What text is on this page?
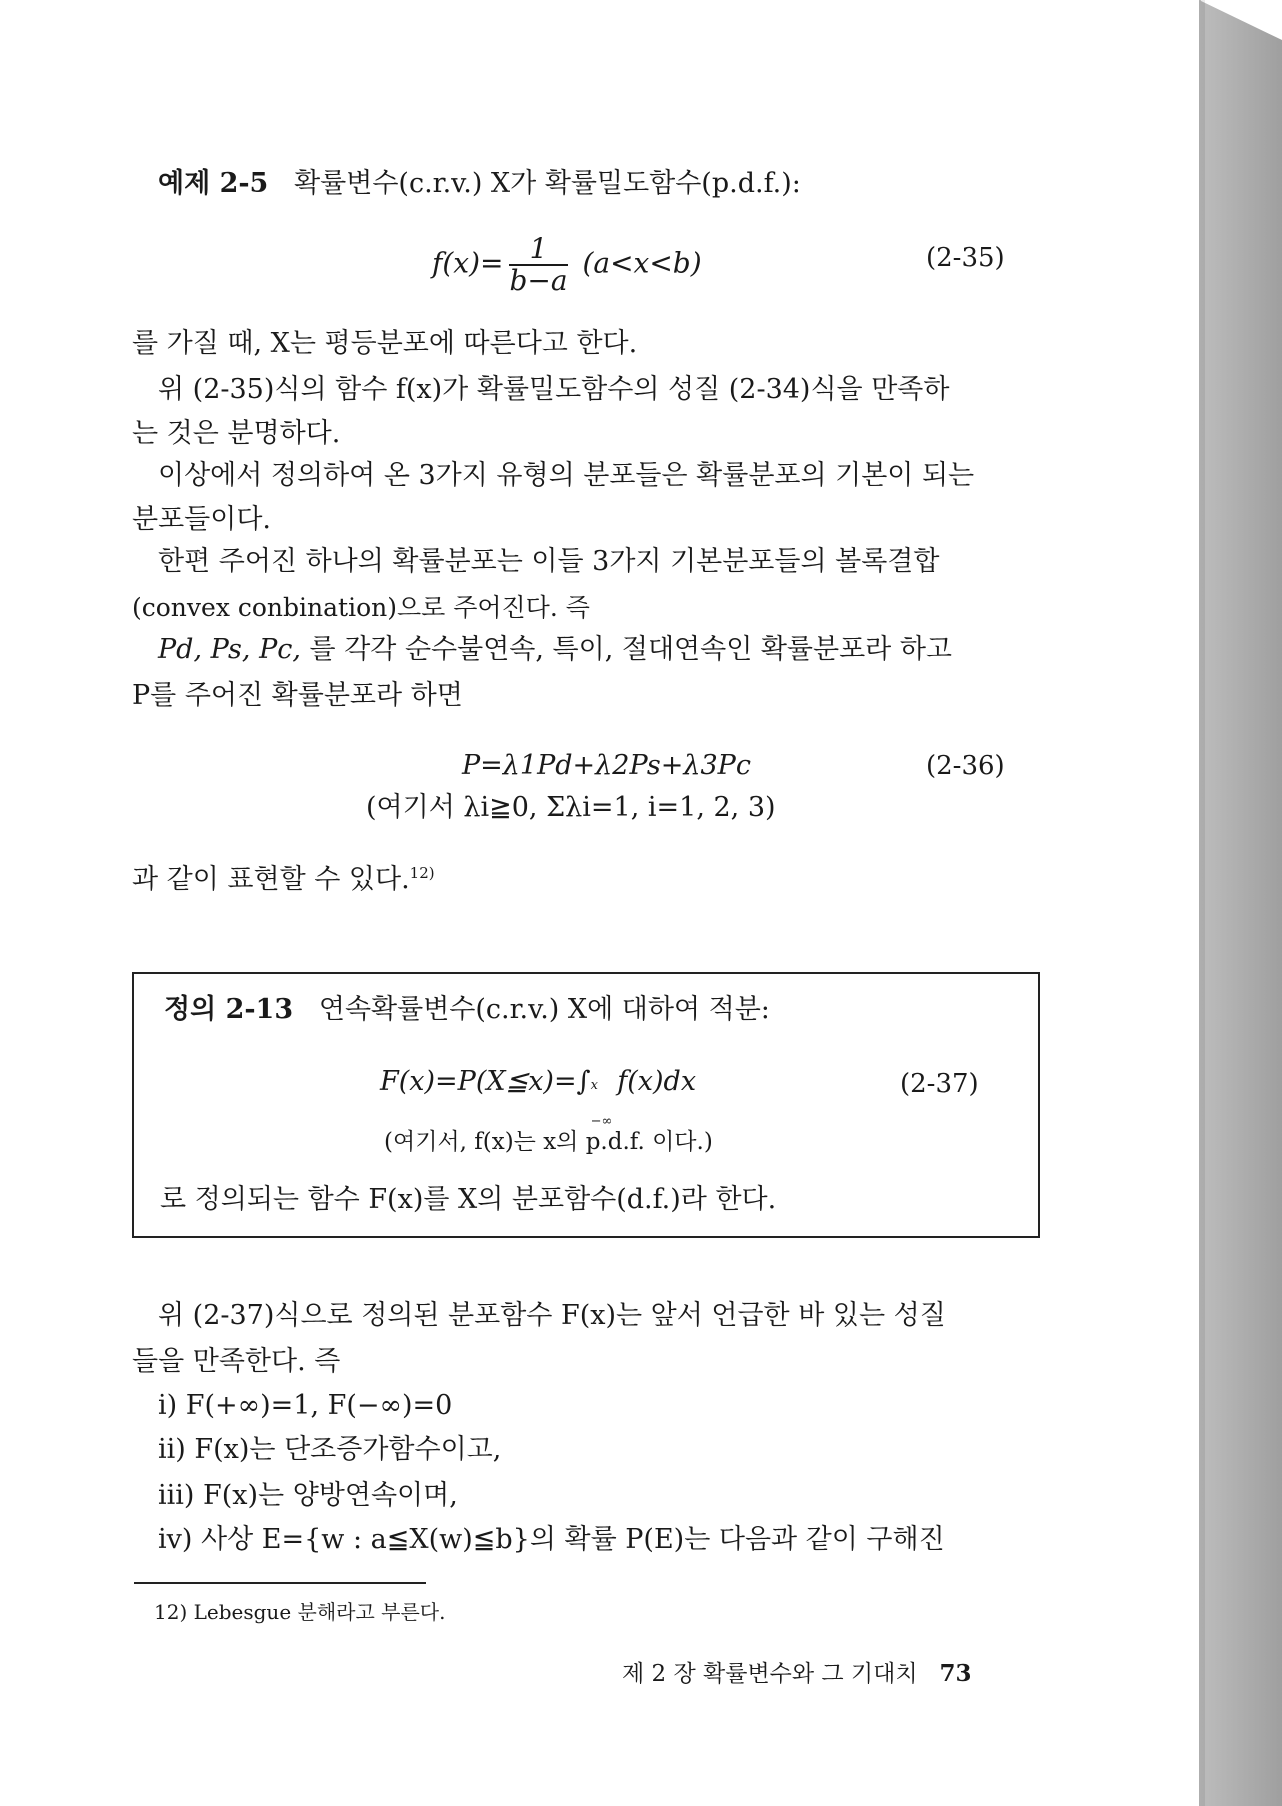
예제 2-5 확률변수(c.r.v.) X가 확률밀도함수(p.d.f.):
$f(x)= \frac{1}{b-a} (a<x<b)$	(2-35)
를 가질 때, X는 평등분포에 따른다고 한다.
위 (2-35)식의 함수 f(x)가 확률밀도함수의 성질 (2-34)식을 만족하
는 것은 분명하다.
이상에서 정의하여 온 3가지 유형의 분포들은 확률분포의 기본이 되는
분포들이다.
한편 주어진 하나의 확률분포는 이들 3가지 기본분포들의 볼록결합
(convex conbination)으로 주어진다. 즉
Pd, Ps, Pc, 를 각각 순수불연속, 특이, 절대연속인 확률분포라 하고
P를 주어진 확률분포라 하면
P=λ1Pd+λ2Ps+λ3Pc	(2-36)
(여기서 λi≧0, Σλi=1, i=1, 2, 3)
과 같이 표현할 수 있다.$^{12)}$
정의 2-13 연속확률변수(c.r.v.) X에 대하여 적분:
F(x)=P(X≦x)=∫ x
−∞
f(x)dx	(2-37)
(여기서, f(x)는 x의 p.d.f. 이다.)
로 정의되는 함수 F(x)를 X의 분포함수(d.f.)라 한다.
위 (2-37)식으로 정의된 분포함수 F(x)는 앞서 언급한 바 있는 성질
들을 만족한다. 즉
i) F(+∞)=1, F(−∞)=0
ii) F(x)는 단조증가함수이고,
iii) F(x)는 양방연속이며,
iv) 사상 E={w : a≦X(w)≦b}의 확률 P(E)는 다음과 같이 구해진
12) Lebesgue 분해라고 부른다.
제 2 장 확률변수와 그 기대치 73
